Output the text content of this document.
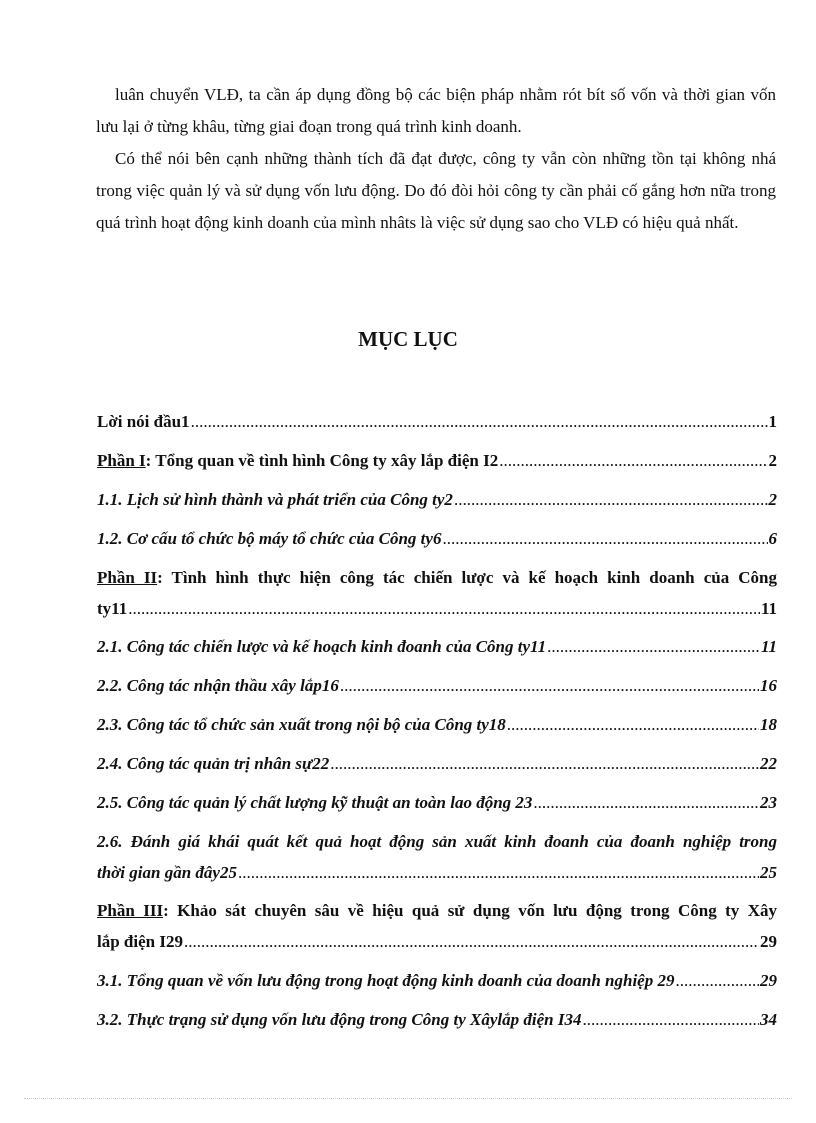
luân chuyển VLĐ, ta cần áp dụng đồng bộ các biện pháp nhằm rót bít số vốn và thời gian vốn lưu lại ở từng khâu, từng giai đoạn trong quá trình kinh doanh.

Có thể nói bên cạnh những thành tích đã đạt được, công ty vẫn còn những tồn tại không nhá trong việc quản lý và sử dụng vốn lưu động. Do đó đòi hỏi công ty cần phải cố gắng hơn nữa trong quá trình hoạt động kinh doanh của mình nhâts là việc sử dụng sao cho VLĐ có hiệu quả nhất.

MỤC LỤC
Lời nói đầu1 .....	1
Phần I : Tổng quan về tình hình Công ty xây lắp điện I2 .....	2
1.1. Lịch sử hình thành và phát triển của Công ty2 .....	2
1.2. Cơ cấu tổ chức bộ máy tổ chức của Công ty6 .....	6
Phần II: Tình hình thực hiện công tác chiến lược và kế hoạch kinh doanh của Công
ty11 .....	11
2.1. Công tác chiến lược và kế hoạch kinh đoanh của Công ty11 .....	11
2.2. Công tác nhận thầu xây lắp16 .....	16
2.3. Công tác tổ chức sản xuất trong nội bộ của Công ty18 .....	18
2.4. Công tác quản trị nhân sự22 .....	22
2.5. Công tác quản lý chất lượng kỹ thuật an toàn lao động 23 .....	23
2.6. Đánh giá khái quát kết quả hoạt động sản xuất kinh đoanh của đoanh nghiệp trong
thời gian gần đây25 .....	25
Phần III: Khảo sát chuyên sâu về hiệu quả sử dụng vốn lưu động trong Công ty Xây
lắp điện I29 .....	29
3.1. Tổng quan về vốn lưu động trong hoạt động kinh doanh của doanh nghiệp 29 .....	29
3.2. Thực trạng sử dụng vốn lưu động trong Công ty Xâylắp điện I34 .....	34
